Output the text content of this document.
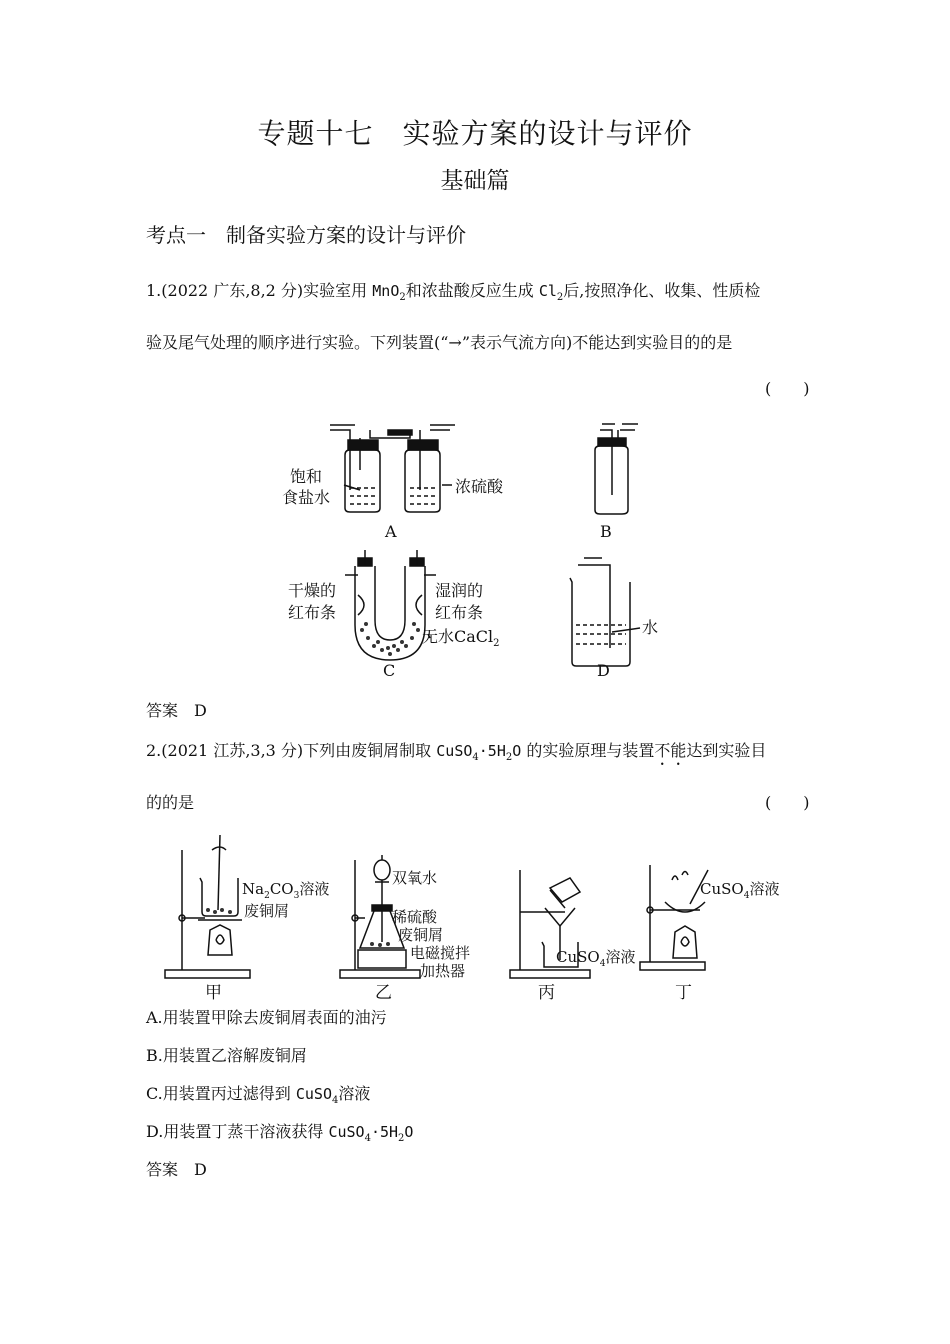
专题十七　实验方案的设计与评价
基础篇
考点一　制备实验方案的设计与评价
1.(2022 广东,8,2 分)实验室用 MnO$_2$和浓盐酸反应生成 $Cl_2$后,按照净化、收集、性质检
验及尾气处理的顺序进行实验。下列装置(“→”表示气流方向)不能达到实验目的的是
(　　)
饱和
食盐水
浓硫酸
A	B
干燥的
红布条
湿润的
红布条
无水CaCl$_2$
C
水
D
答案　D
2.(2021 江苏,3,3 分)下列由废铜屑制取 $CuSO_4\cdot 5H_2O$ 的实验原理与装置不能达到实验目
的的是	(　　)
$Na_2CO_3$溶液
废铜屑
双氧水
稀硫酸
废铜屑
电磁搅拌
加热器
CuSO$_4$溶液
CuSO$_4$溶液
甲	乙	丙	丁
A.用装置甲除去废铜屑表面的油污
B.用装置乙溶解废铜屑
C.用装置丙过滤得到 CuSO$_4$溶液
D.用装置丁蒸干溶液获得 $CuSO_4\cdot 5H_2O$
答案　D
